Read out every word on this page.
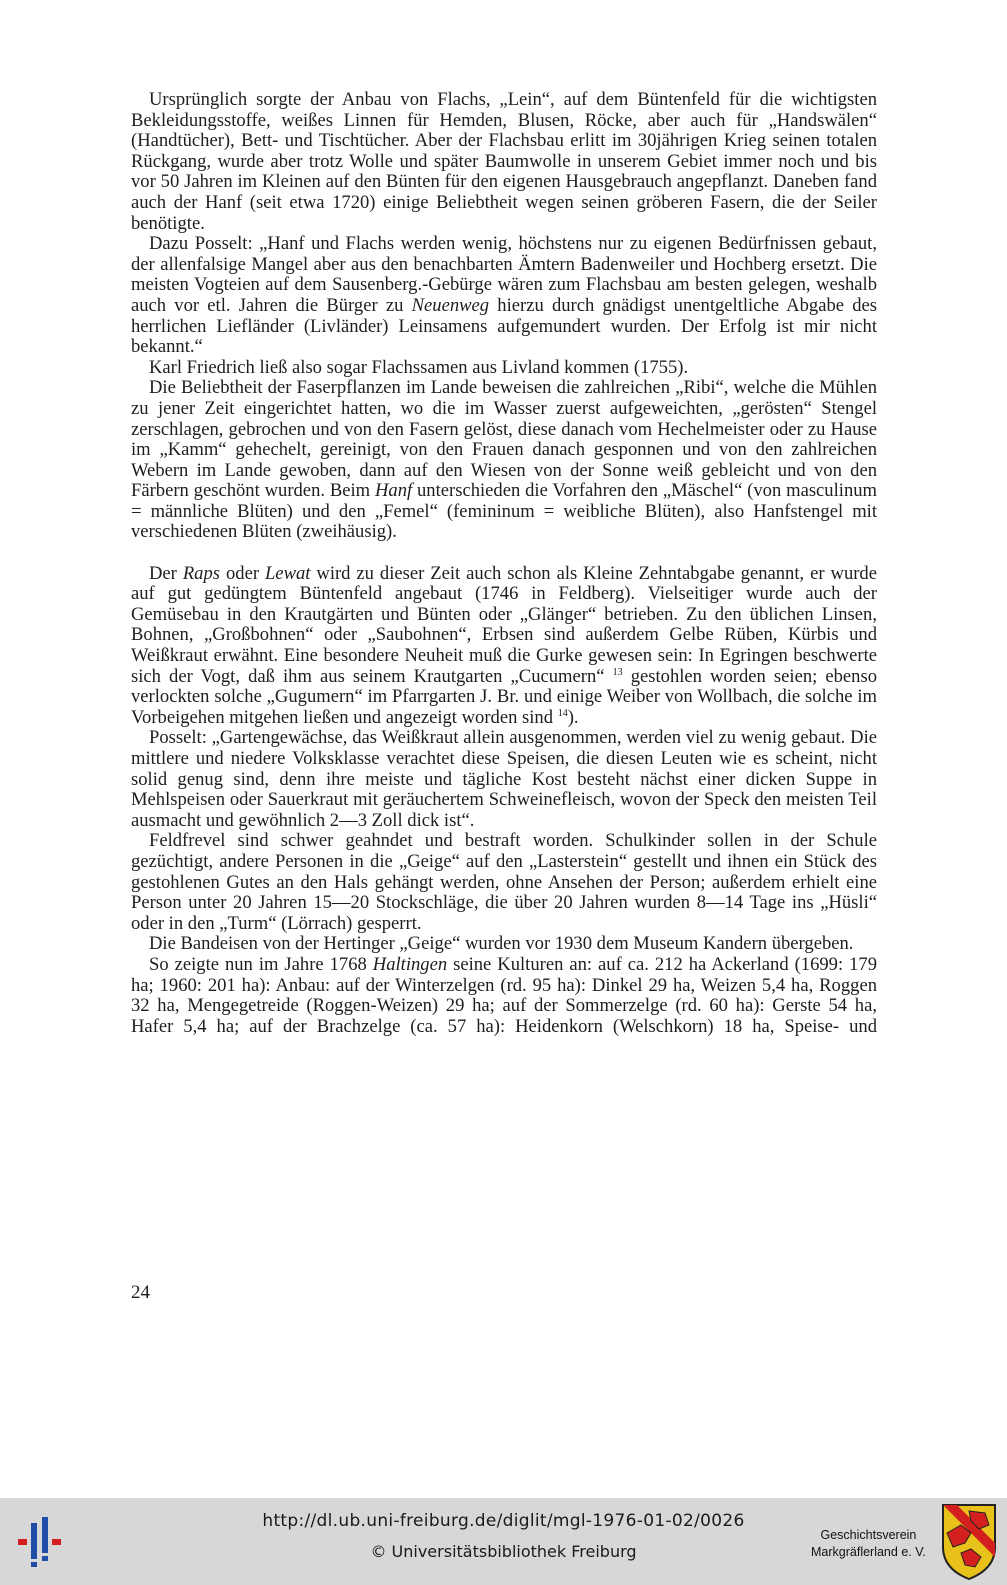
Ursprünglich sorgte der Anbau von Flachs, „Lein“, auf dem Büntenfeld für die wichtigsten Bekleidungsstoffe, weißes Linnen für Hemden, Blusen, Röcke, aber auch für „Handswälen“ (Handtücher), Bett- und Tischtücher. Aber der Flachsbau erlitt im 30jährigen Krieg seinen totalen Rückgang, wurde aber trotz Wolle und später Baumwolle in unserem Gebiet immer noch und bis vor 50 Jahren im Kleinen auf den Bünten für den eigenen Hausgebrauch angepflanzt. Daneben fand auch der Hanf (seit etwa 1720) einige Beliebtheit wegen seinen gröberen Fasern, die der Seiler benötigte.

Dazu Posselt: „Hanf und Flachs werden wenig, höchstens nur zu eigenen Bedürfnissen gebaut, der allenfalsige Mangel aber aus den benachbarten Ämtern Badenweiler und Hochberg ersetzt. Die meisten Vogteien auf dem Sausenberg.-Gebürge wären zum Flachsbau am besten gelegen, weshalb auch vor etl. Jahren die Bürger zu Neuenweg hierzu durch gnädigst unentgeltliche Abgabe des herrlichen Liefländer (Livländer) Leinsamens aufgemundert wurden. Der Erfolg ist mir nicht bekannt.“

Karl Friedrich ließ also sogar Flachssamen aus Livland kommen (1755).

Die Beliebtheit der Faserpflanzen im Lande beweisen die zahlreichen „Ribi“, welche die Mühlen zu jener Zeit eingerichtet hatten, wo die im Wasser zuerst aufgeweichten, „gerösten“ Stengel zerschlagen, gebrochen und von den Fasern gelöst, diese danach vom Hechelmeister oder zu Hause im „Kamm“ gehechelt, gereinigt, von den Frauen danach gesponnen und von den zahlreichen Webern im Lande gewoben, dann auf den Wiesen von der Sonne weiß gebleicht und von den Färbern geschönt wurden. Beim Hanf unterschieden die Vorfahren den „Mäschel“ (von masculinum = männliche Blüten) und den „Femel“ (femininum = weibliche Blüten), also Hanfstengel mit verschiedenen Blüten (zweihäusig).

Der Raps oder Lewat wird zu dieser Zeit auch schon als Kleine Zehntabgabe genannt, er wurde auf gut gedüngtem Büntenfeld angebaut (1746 in Feldberg). Vielseitiger wurde auch der Gemüsebau in den Krautgärten und Bünten oder „Glänger“ betrieben. Zu den üblichen Linsen, Bohnen, „Großbohnen“ oder „Saubohnen“, Erbsen sind außerdem Gelbe Rüben, Kürbis und Weißkraut erwähnt. Eine besondere Neuheit muß die Gurke gewesen sein: In Egringen beschwerte sich der Vogt, daß ihm aus seinem Krautgarten „Cucumern“ $^{13}$ gestohlen worden seien; ebenso verlockten solche „Gugumern“ im Pfarrgarten J. Br. und einige Weiber von Wollbach, die solche im Vorbeigehen mitgehen ließen und angezeigt worden sind $^{14}$).

Posselt: „Gartengewächse, das Weißkraut allein ausgenommen, werden viel zu wenig gebaut. Die mittlere und niedere Volksklasse verachtet diese Speisen, die diesen Leuten wie es scheint, nicht solid genug sind, denn ihre meiste und tägliche Kost besteht nächst einer dicken Suppe in Mehlspeisen oder Sauerkraut mit geräuchertem Schweinefleisch, wovon der Speck den meisten Teil ausmacht und gewöhnlich 2—3 Zoll dick ist“.

Feldfrevel sind schwer geahndet und bestraft worden. Schulkinder sollen in der Schule gezüchtigt, andere Personen in die „Geige“ auf den „Lasterstein“ gestellt und ihnen ein Stück des gestohlenen Gutes an den Hals gehängt werden, ohne Ansehen der Person; außerdem erhielt eine Person unter 20 Jahren 15—20 Stockschläge, die über 20 Jahren wurden 8—14 Tage ins „Hüsli“ oder in den „Turm“ (Lörrach) gesperrt.

Die Bandeisen von der Hertinger „Geige“ wurden vor 1930 dem Museum Kandern übergeben.

So zeigte nun im Jahre 1768 Haltingen seine Kulturen an: auf ca. 212 ha Ackerland (1699: 179 ha; 1960: 201 ha): Anbau: auf der Winterzelgen (rd. 95 ha): Dinkel 29 ha, Weizen 5,4 ha, Roggen 32 ha, Mengegetreide (Roggen-Weizen) 29 ha; auf der Sommerzelge (rd. 60 ha): Gerste 54 ha, Hafer 5,4 ha; auf der Brachzelge (ca. 57 ha): Heidenkorn (Welschkorn) 18 ha, Speise- und

24
http://dl.ub.uni-freiburg.de/diglit/mgl-1976-01-02/0026
© Universitätsbibliothek Freiburg
Geschichtsverein
Markgräflerland e. V.
